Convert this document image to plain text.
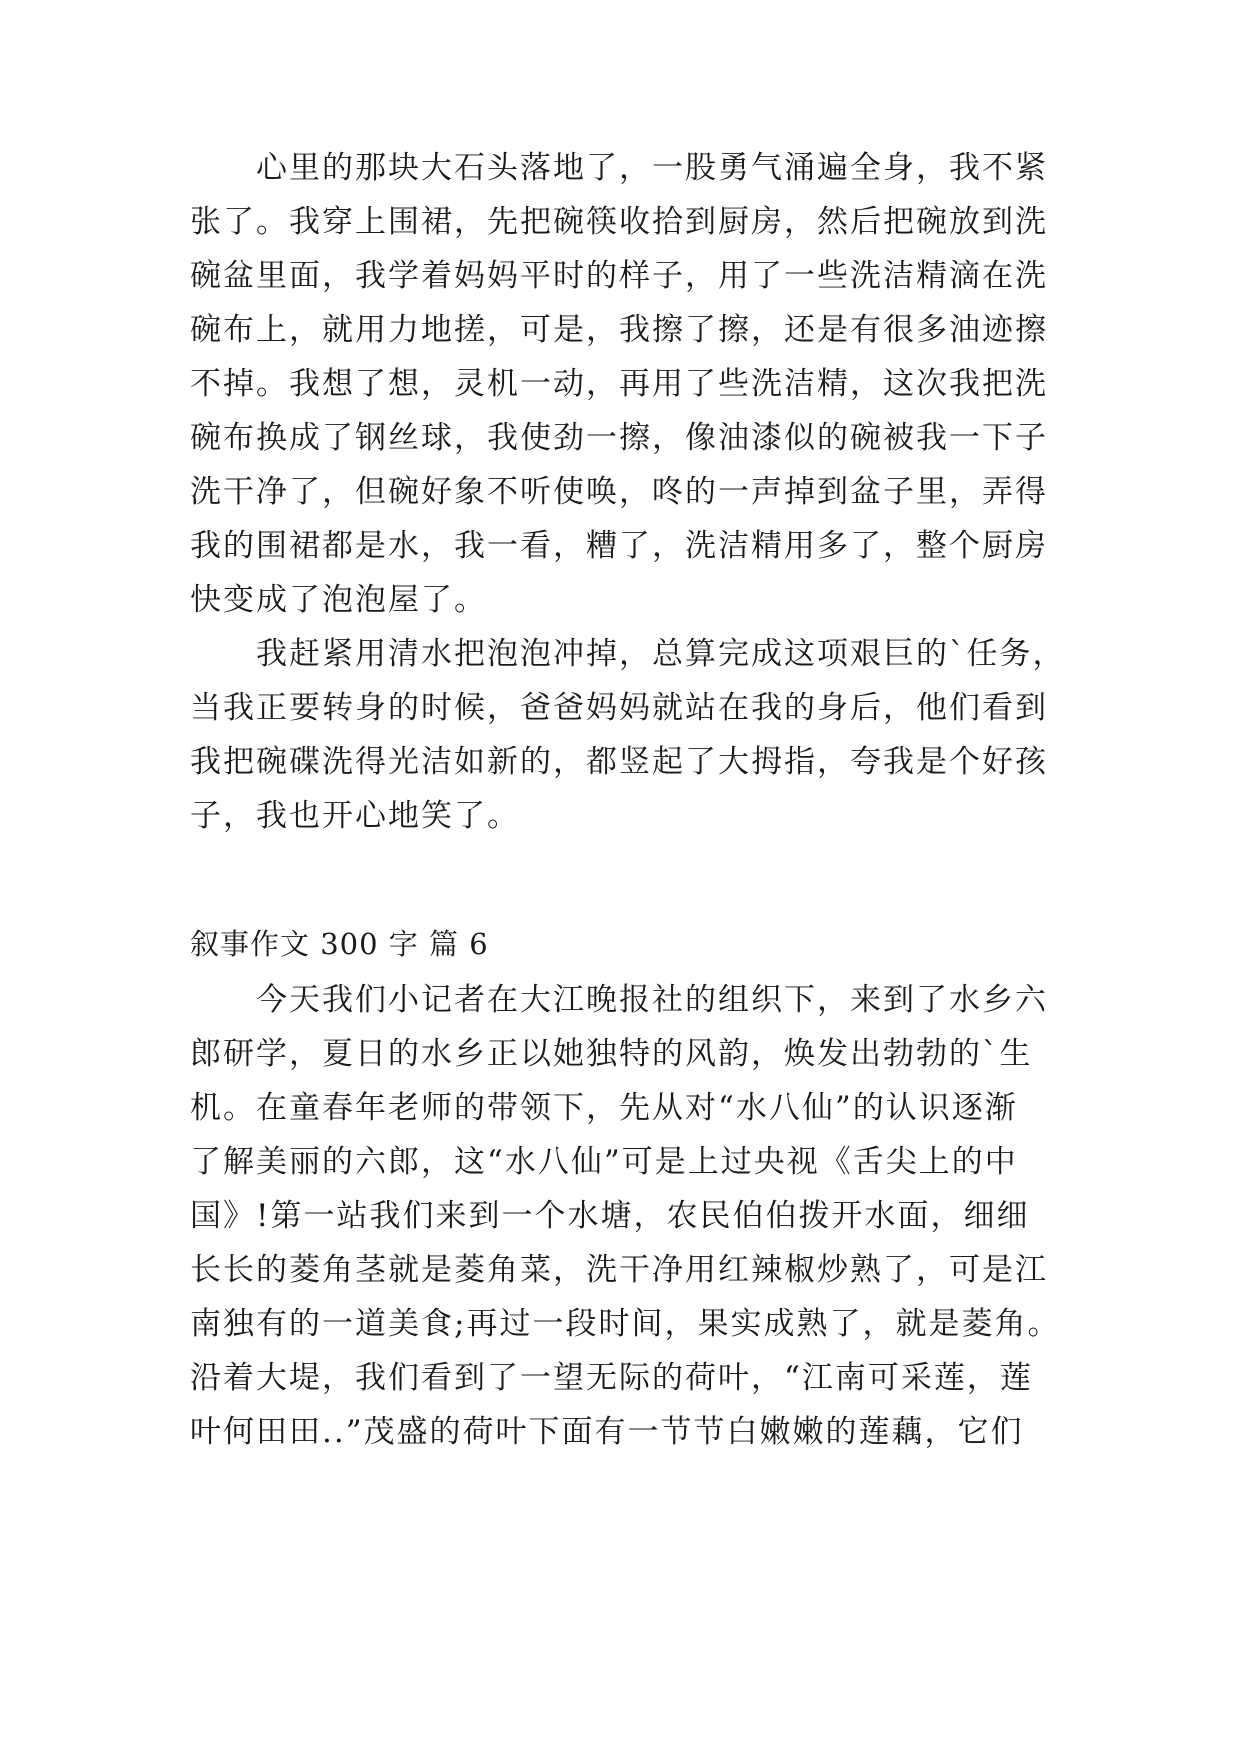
心里的那块大石头落地了，一股勇气涌遍全身，我不紧
张了。我穿上围裙，先把碗筷收拾到厨房，然后把碗放到洗
碗盆里面，我学着妈妈平时的样子，用了一些洗洁精滴在洗
碗布上，就用力地搓，可是，我擦了擦，还是有很多油迹擦
不掉。我想了想，灵机一动，再用了些洗洁精，这次我把洗
碗布换成了钢丝球，我使劲一擦，像油漆似的碗被我一下子
洗干净了，但碗好象不听使唤，咚的一声掉到盆子里，弄得
我的围裙都是水，我一看，糟了，洗洁精用多了，整个厨房
快变成了泡泡屋了。
我赶紧用清水把泡泡冲掉，总算完成这项艰巨的`任务，
当我正要转身的时候，爸爸妈妈就站在我的身后，他们看到
我把碗碟洗得光洁如新的，都竖起了大拇指，夸我是个好孩
子，我也开心地笑了。
叙事作文 300 字 篇 6
今天我们小记者在大江晚报社的组织下，来到了水乡六
郎研学，夏日的水乡正以她独特的风韵，焕发出勃勃的`生
机。在童春年老师的带领下，先从对“水八仙”的认识逐渐
了解美丽的六郎，这“水八仙”可是上过央视《舌尖上的中
国》!第一站我们来到一个水塘，农民伯伯拨开水面，细细
长长的菱角茎就是菱角菜，洗干净用红辣椒炒熟了，可是江
南独有的一道美食;再过一段时间，果实成熟了，就是菱角。
沿着大堤，我们看到了一望无际的荷叶，“江南可采莲，莲
叶何田田..”茂盛的荷叶下面有一节节白嫩嫩的莲藕，它们
